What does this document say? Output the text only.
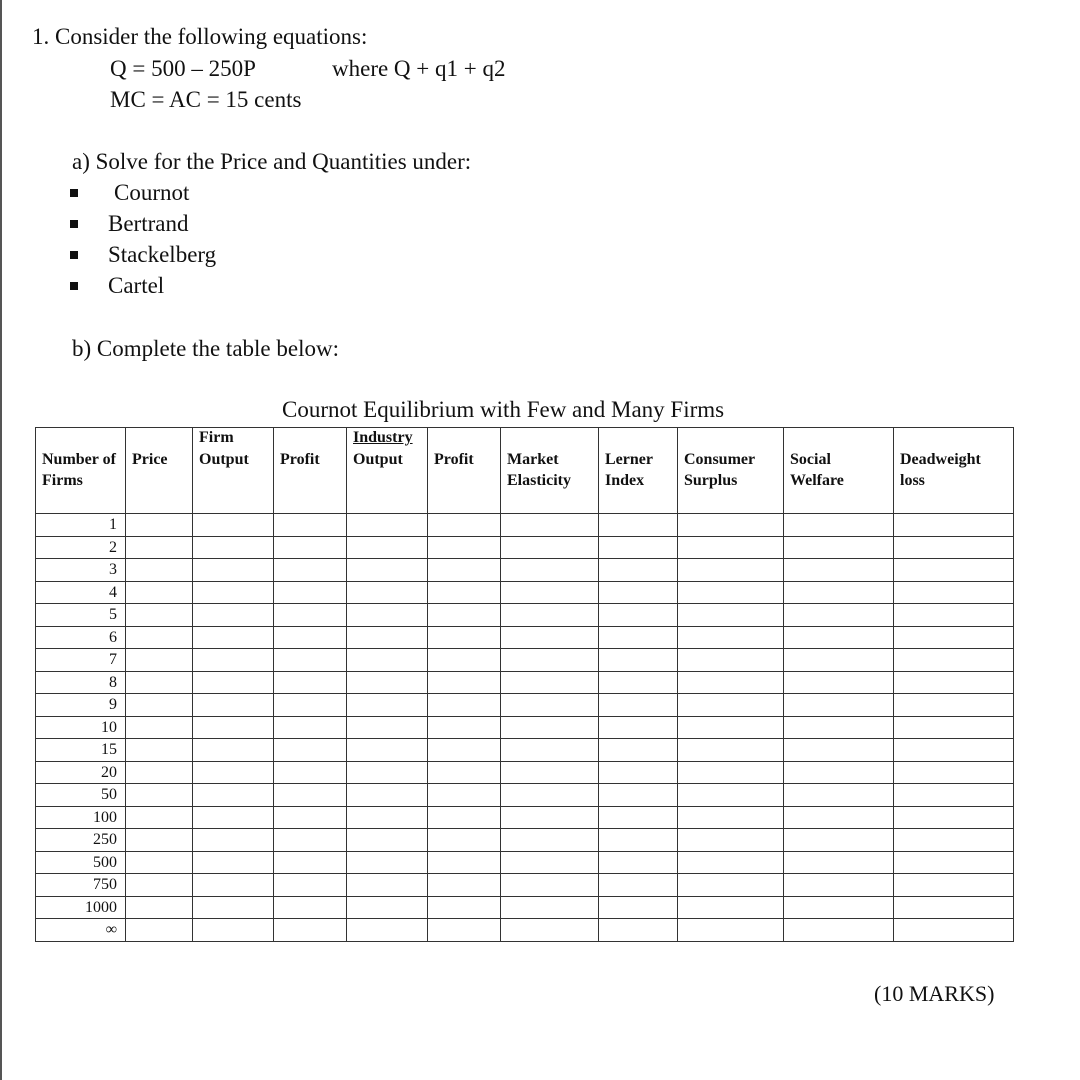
1. Consider the following equations:
Q = 500 – 250P	where Q + q1 + q2
MC = AC = 15 cents
a) Solve for the Price and Quantities under:
Cournot
Bertrand
Stackelberg
Cartel
b) Complete the table below:
Cournot Equilibrium with Few and Many Firms
		Firm		Industry						
Number of Firms	Price	Output	Profit	Output	Profit	Market Elasticity	Lerner Index	Consumer Surplus	Social Welfare	Deadweight loss
1										
2										
3										
4										
5										
6										
7										
8										
9										
10										
15										
20										
50										
100										
250										
500										
750										
1000										
∞										
(10 MARKS)
